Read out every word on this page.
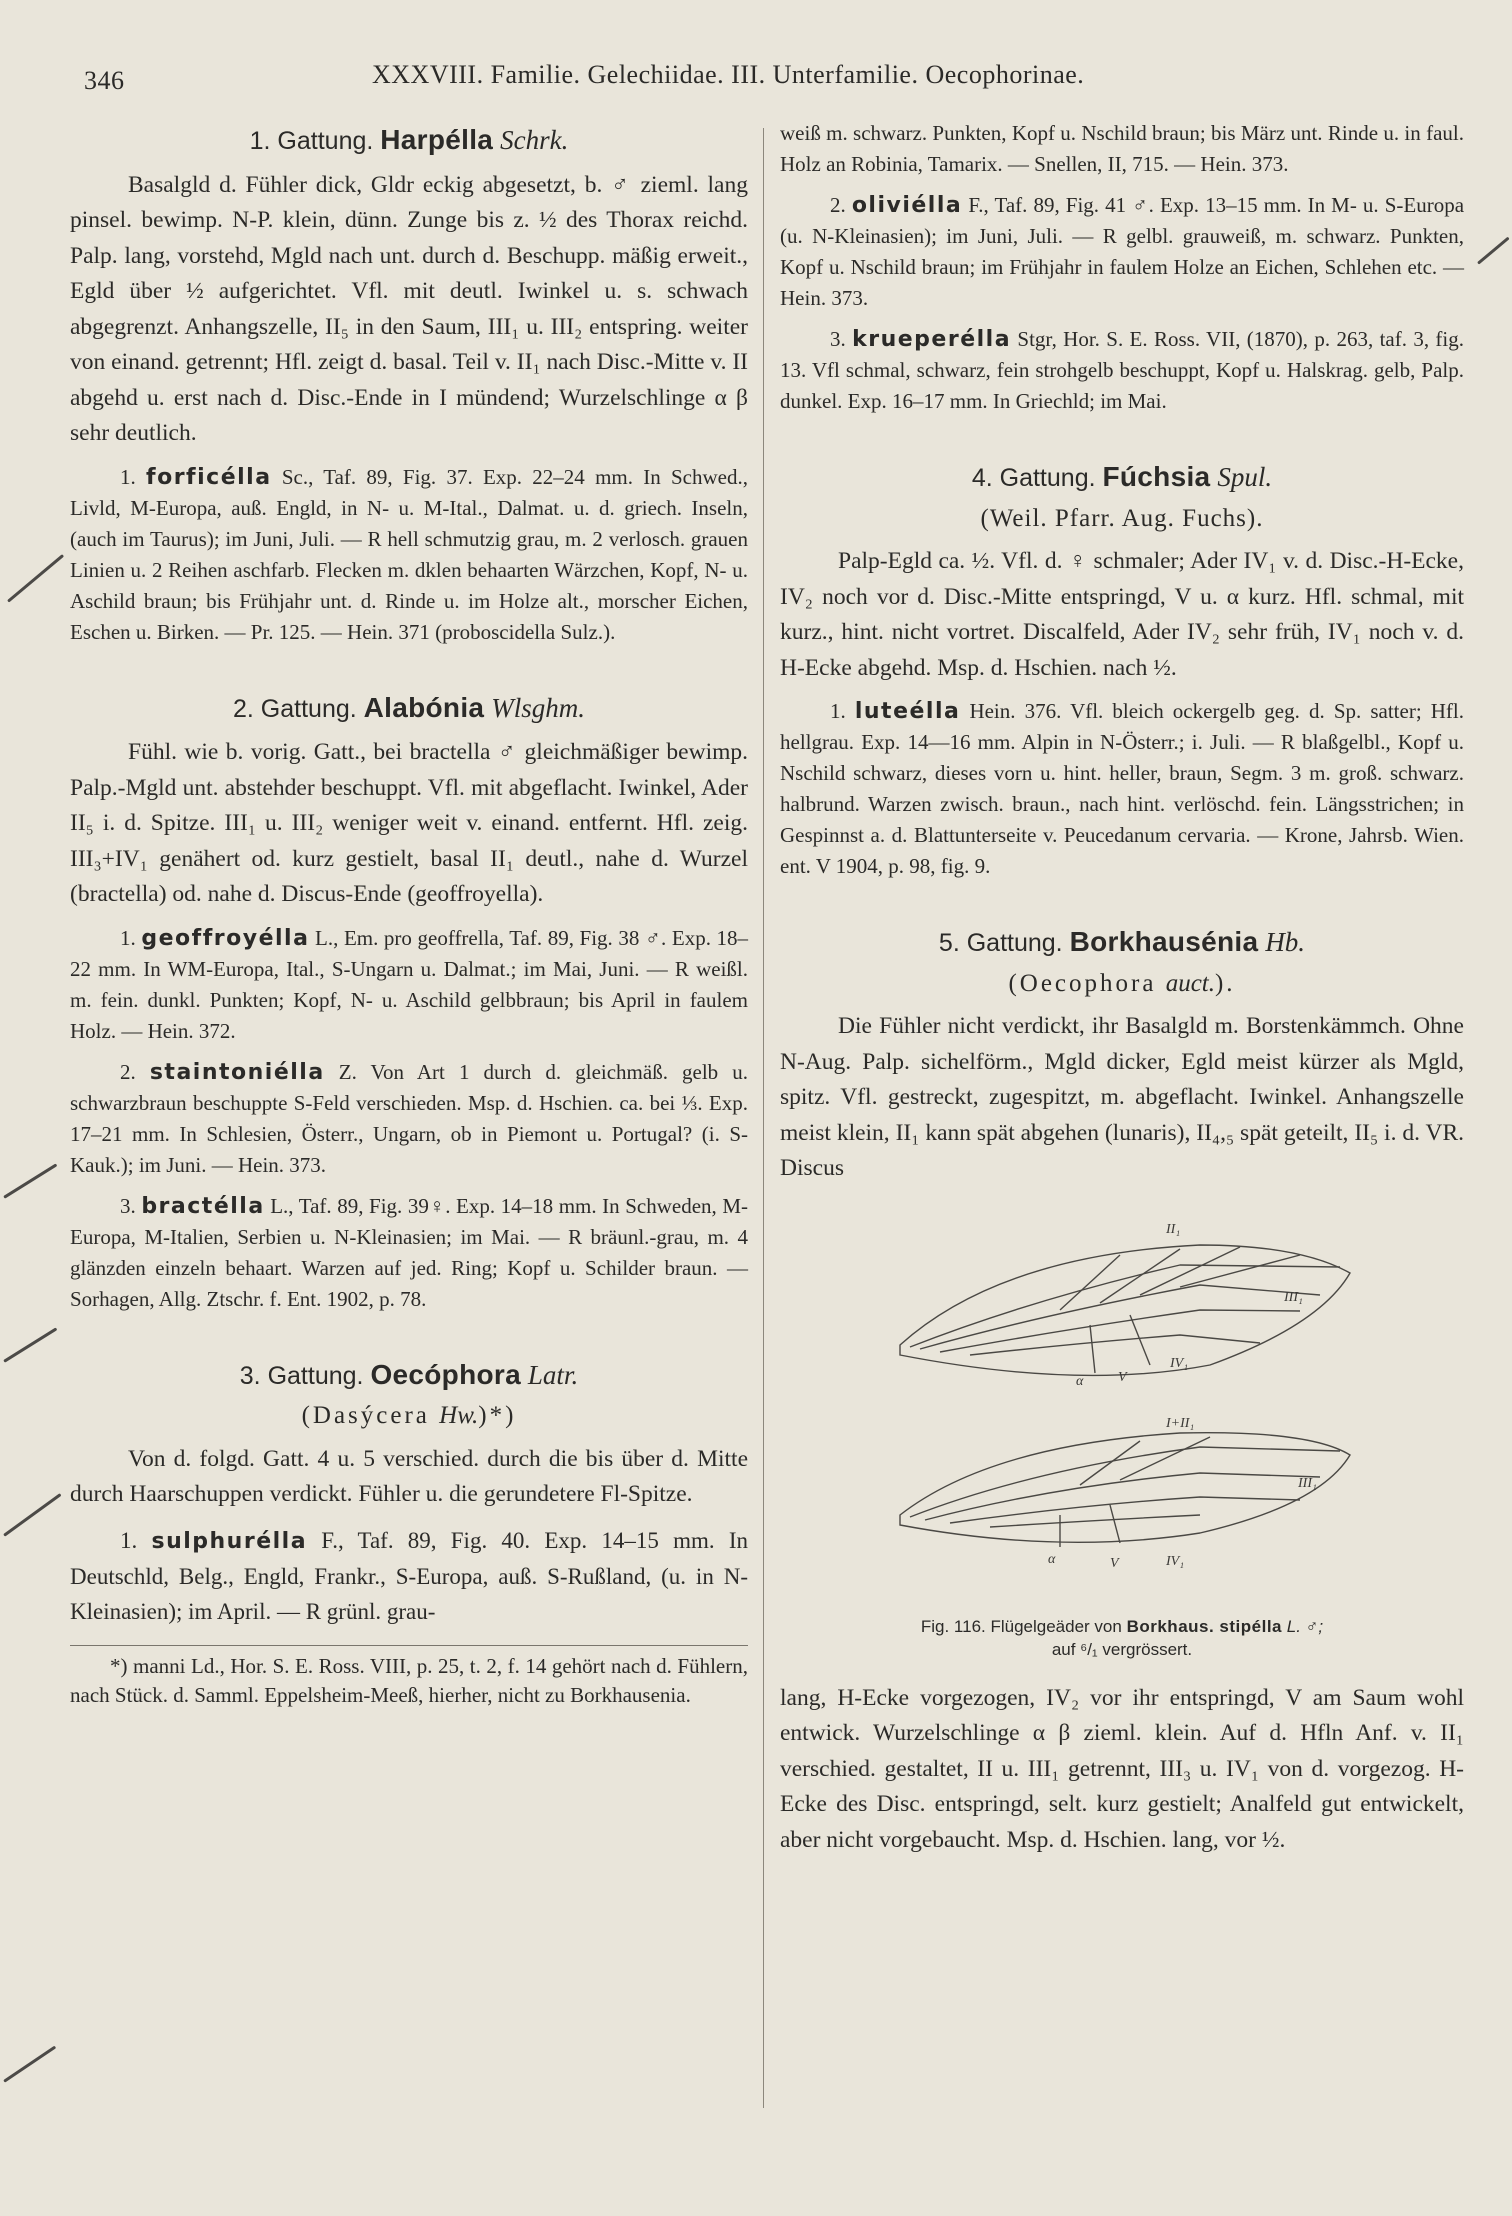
346	XXXVIII. Familie. Gelechiidae. III. Unterfamilie. Oecophorinae.
1. Gattung. Harpélla Schrk.

Basalgld d. Fühler dick, Gldr eckig abgesetzt, b. ♂ zieml. lang pinsel. bewimp. N-P. klein, dünn. Zunge bis z. ½ des Thorax reichd. Palp. lang, vorstehd, Mgld nach unt. durch d. Beschupp. mäßig erweit., Egld über ½ aufgerichtet. Vfl. mit deutl. Iwinkel u. s. schwach abgegrenzt. Anhangszelle, II₅ in den Saum, III₁ u. III₂ entspring. weiter von einand. getrennt; Hfl. zeigt d. basal. Teil v. II₁ nach Disc.-Mitte v. II abgehd u. erst nach d. Disc.-Ende in I mündend; Wurzelschlinge α β sehr deutlich.

1. forficélla Sc., Taf. 89, Fig. 37. Exp. 22–24 mm. In Schwed., Livld, M-Europa, auß. Engld, in N- u. M-Ital., Dalmat. u. d. griech. Inseln, (auch im Taurus); im Juni, Juli. — R hell schmutzig grau, m. 2 verlosch. grauen Linien u. 2 Reihen aschfarb. Flecken m. dklen behaarten Wärzchen, Kopf, N- u. Aschild braun; bis Frühjahr unt. d. Rinde u. im Holze alt., morscher Eichen, Eschen u. Birken. — Pr. 125. — Hein. 371 (proboscidella Sulz.).

2. Gattung. Alabónia Wlsghm.

Fühl. wie b. vorig. Gatt., bei bractella ♂ gleichmäßiger bewimp. Palp.-Mgld unt. abstehder beschuppt. Vfl. mit abgeflacht. Iwinkel, Ader II₅ i. d. Spitze. III₁ u. III₂ weniger weit v. einand. entfernt. Hfl. zeig. III₃+IV₁ genähert od. kurz gestielt, basal II₁ deutl., nahe d. Wurzel (bractella) od. nahe d. Discus-Ende (geoffroyella).

1. geoffroyélla L., Em. pro geoffrella, Taf. 89, Fig. 38 ♂. Exp. 18–22 mm. In WM-Europa, Ital., S-Ungarn u. Dalmat.; im Mai, Juni. — R weißl. m. fein. dunkl. Punkten; Kopf, N- u. Aschild gelbbraun; bis April in faulem Holz. — Hein. 372.

2. staintoniélla Z. Von Art 1 durch d. gleichmäß. gelb u. schwarzbraun beschuppte S-Feld verschieden. Msp. d. Hschien. ca. bei ⅓. Exp. 17–21 mm. In Schlesien, Österr., Ungarn, ob in Piemont u. Portugal? (i. S-Kauk.); im Juni. — Hein. 373.

3. bractélla L., Taf. 89, Fig. 39♀. Exp. 14–18 mm. In Schweden, M-Europa, M-Italien, Serbien u. N-Kleinasien; im Mai. — R bräunl.-grau, m. 4 glänzden einzeln behaart. Warzen auf jed. Ring; Kopf u. Schilder braun. — Sorhagen, Allg. Ztschr. f. Ent. 1902, p. 78.

3. Gattung. Oecóphora Latr.
(Dasýcera Hw.)*)

Von d. folgd. Gatt. 4 u. 5 verschied. durch die bis über d. Mitte durch Haarschuppen verdickt. Fühler u. die gerundetere Fl-Spitze.

1. sulphurélla F., Taf. 89, Fig. 40. Exp. 14–15 mm. In Deutschld, Belg., Engld, Frankr., S-Europa, auß. S-Rußland, (u. in N-Kleinasien); im April. — R grünl. grau-

*) manni Ld., Hor. S. E. Ross. VIII, p. 25, t. 2, f. 14 gehört nach d. Fühlern, nach Stück. d. Samml. Eppelsheim-Meeß, hierher, nicht zu Borkhausenia.

weiß m. schwarz. Punkten, Kopf u. Nschild braun; bis März unt. Rinde u. in faul. Holz an Robinia, Tamarix. — Snellen, II, 715. — Hein. 373.

2. oliviélla F., Taf. 89, Fig. 41 ♂. Exp. 13–15 mm. In M- u. S-Europa (u. N-Kleinasien); im Juni, Juli. — R gelbl. grauweiß, m. schwarz. Punkten, Kopf u. Nschild braun; im Frühjahr in faulem Holze an Eichen, Schlehen etc. — Hein. 373.

3. krueperélla Stgr, Hor. S. E. Ross. VII, (1870), p. 263, taf. 3, fig. 13. Vfl schmal, schwarz, fein strohgelb beschuppt, Kopf u. Halskrag. gelb, Palp. dunkel. Exp. 16–17 mm. In Griechld; im Mai.

4. Gattung. Fúchsia Spul.
(Weil. Pfarr. Aug. Fuchs).

Palp-Egld ca. ½. Vfl. d. ♀ schmaler; Ader IV₁ v. d. Disc.-H-Ecke, IV₂ noch vor d. Disc.-Mitte entspringd, V u. α kurz. Hfl. schmal, mit kurz., hint. nicht vortret. Discalfeld, Ader IV₂ sehr früh, IV₁ noch v. d. H-Ecke abgehd. Msp. d. Hschien. nach ½.

1. luteélla Hein. 376. Vfl. bleich ockergelb geg. d. Sp. satter; Hfl. hellgrau. Exp. 14—16 mm. Alpin in N-Österr.; i. Juli. — R blaßgelbl., Kopf u. Nschild schwarz, dieses vorn u. hint. heller, braun, Segm. 3 m. groß. schwarz. halbrund. Warzen zwisch. braun., nach hint. verlöschd. fein. Längsstrichen; in Gespinnst a. d. Blattunterseite v. Peucedanum cervaria. — Krone, Jahrsb. Wien. ent. V 1904, p. 98, fig. 9.

5. Gattung. Borkhausénia Hb.
(Oecophora auct.).

Die Fühler nicht verdickt, ihr Basalgld m. Borstenkämmch. Ohne N-Aug. Palp. sichelförm., Mgld dicker, Egld meist kürzer als Mgld, spitz. Vfl. gestreckt, zugespitzt, m. abgeflacht. Iwinkel. Anhangszelle meist klein, II₁ kann spät abgehen (lunaris), II₄,₅ spät geteilt, II₅ i. d. VR. Discus

II₁
III₁
IV₁
α V
I+II₁
III₁
α	V	IV₁
Fig. 116. Flügelgeäder von Borkhaus. stipélla L. ♂;
auf ⁶/₁ vergrössert.

lang, H-Ecke vorgezogen, IV₂ vor ihr entspringd, V am Saum wohl entwick. Wurzelschlinge α β zieml. klein. Auf d. Hfln Anf. v. II₁ verschied. gestaltet, II u. III₁ getrennt, III₃ u. IV₁ von d. vorgezog. H-Ecke des Disc. entspringd, selt. kurz gestielt; Analfeld gut entwickelt, aber nicht vorgebaucht. Msp. d. Hschien. lang, vor ½.
